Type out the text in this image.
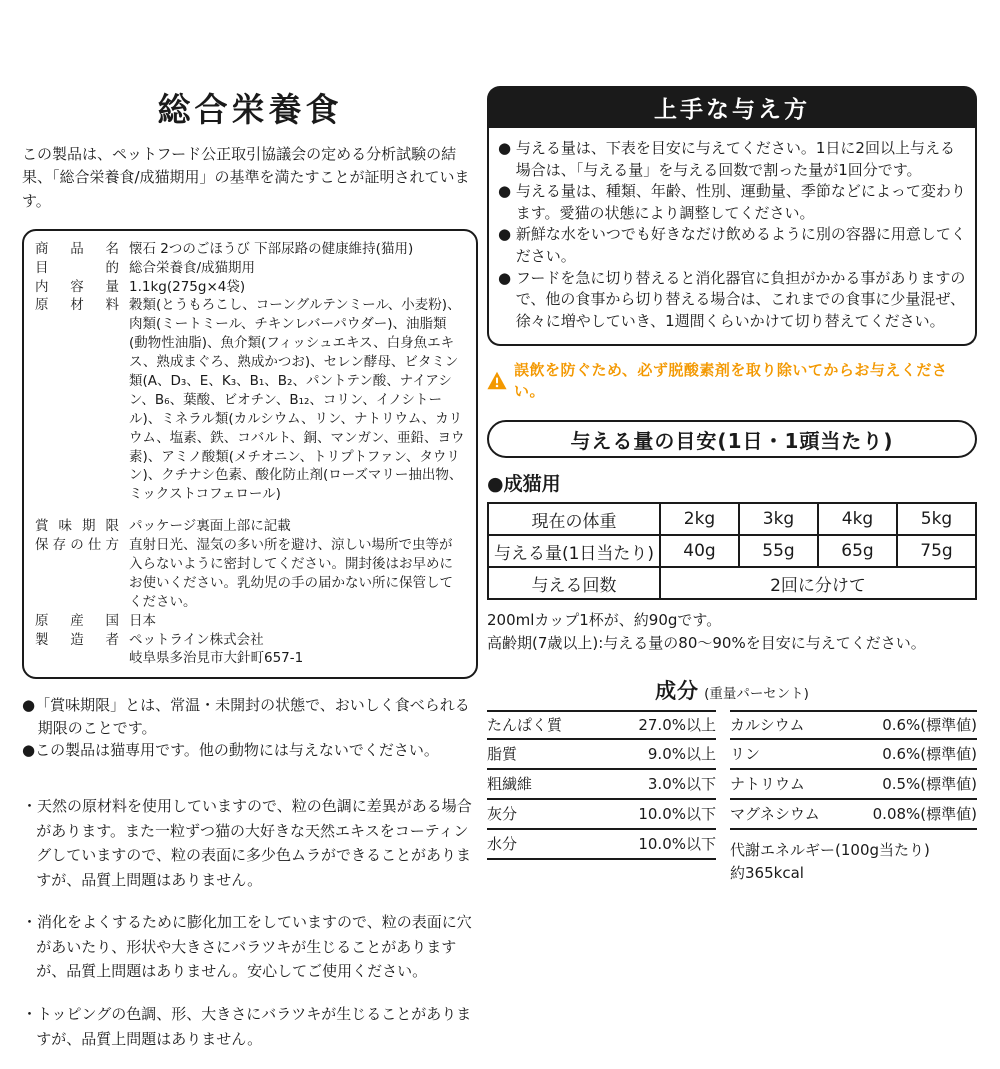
総合栄養食
この製品は、ペットフード公正取引協議会の定める分析試験の結果、「総合栄養食/成猫期用」の基準を満たすことが証明されています。
商品名 懐石 2つのごほうび 下部尿路の健康維持(猫用)
目的 総合栄養食/成猫期用
内容量 1.1kg(275g×4袋)
原材料 穀類(とうもろこし、コーングルテンミール、小麦粉)、肉類(ミートミール、チキンレバーパウダー)、油脂類(動物性油脂)、魚介類(フィッシュエキス、白身魚エキス、熟成まぐろ、熟成かつお)、セレン酵母、ビタミン類(A、D₃、E、K₃、B₁、B₂、パントテン酸、ナイアシン、B₆、葉酸、ビオチン、B₁₂、コリン、イノシトール)、ミネラル類(カルシウム、リン、ナトリウム、カリウム、塩素、鉄、コバルト、銅、マンガン、亜鉛、ヨウ素)、アミノ酸類(メチオニン、トリプトファン、タウリン)、クチナシ色素、酸化防止剤(ローズマリー抽出物、ミックストコフェロール)
賞味期限 パッケージ裏面上部に記載
保存の仕方 直射日光、湿気の多い所を避け、涼しい場所で虫等が入らないように密封してください。開封後はお早めにお使いください。乳幼児の手の届かない所に保管してください。
原産国 日本
製造者 ペットライン株式会社
岐阜県多治見市大針町657-1
●「賞味期限」とは、常温・未開封の状態で、おいしく食べられる期限のことです。
●この製品は猫専用です。他の動物には与えないでください。
・天然の原材料を使用していますので、粒の色調に差異がある場合があります。また一粒ずつ猫の大好きな天然エキスをコーティングしていますので、粒の表面に多少色ムラができることがありますが、品質上問題はありません。
・消化をよくするために膨化加工をしていますので、粒の表面に穴があいたり、形状や大きさにバラツキが生じることがありますが、品質上問題はありません。安心してご使用ください。
・トッピングの色調、形、大きさにバラツキが生じることがありますが、品質上問題はありません。
上手な与え方
● 与える量は、下表を目安に与えてください。1日に2回以上与える場合は、「与える量」を与える回数で割った量が1回分です。
● 与える量は、種類、年齢、性別、運動量、季節などによって変わります。愛猫の状態により調整してください。
● 新鮮な水をいつでも好きなだけ飲めるように別の容器に用意してください。
● フードを急に切り替えると消化器官に負担がかかる事がありますので、他の食事から切り替える場合は、これまでの食事に少量混ぜ、徐々に増やしていき、1週間くらいかけて切り替えてください。
誤飲を防ぐため、必ず脱酸素剤を取り除いてからお与えください。
与える量の目安(1日・1頭当たり)
●成猫用
現在の体重	2kg	3kg	4kg	5kg
与える量(1日当たり)	40g	55g	65g	75g
与える回数	2回に分けて			
200mlカップ1杯が、約90gです。
高齢期(7歳以上):与える量の80〜90%を目安に与えてください。
成分 (重量パーセント)
たんぱく質	27.0%以上
脂質	9.0%以上
粗繊維	3.0%以下
灰分	10.0%以下
水分	10.0%以下
カルシウム	0.6%(標準値)
リン	0.6%(標準値)
ナトリウム	0.5%(標準値)
マグネシウム	0.08%(標準値)
代謝エネルギー(100g当たり)
約365kcal
